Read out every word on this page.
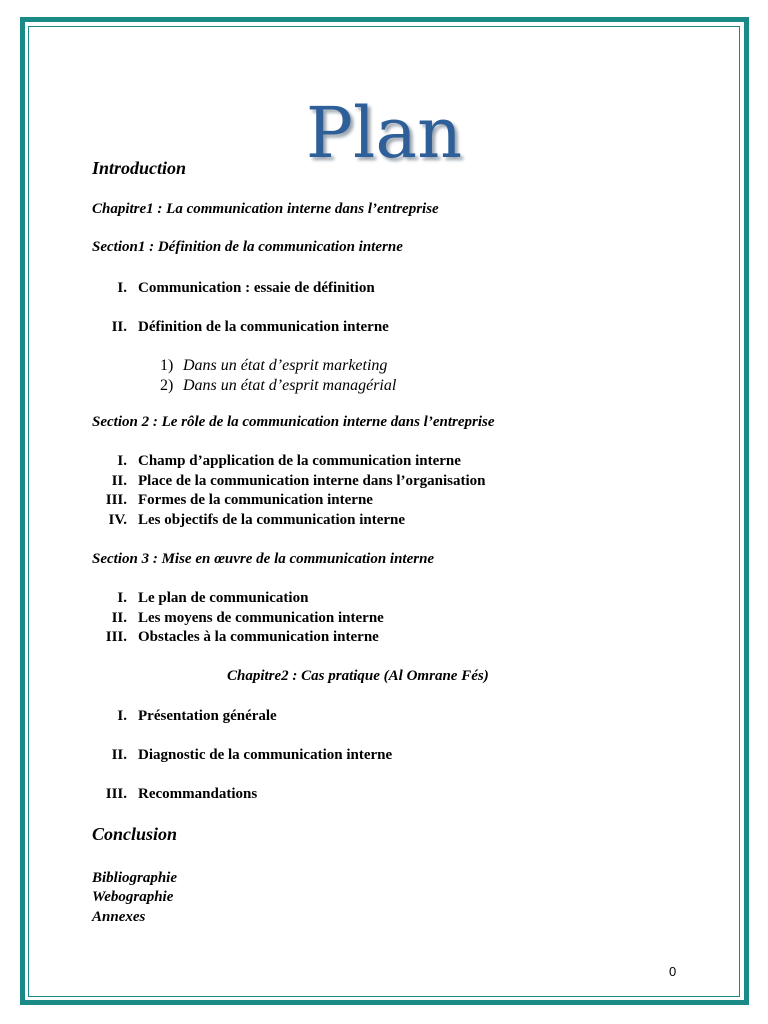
Plan
Introduction
Chapitre1 : La communication interne dans l’entreprise
Section1 : Définition de la communication interne
I. Communication : essaie de définition
II. Définition de la communication interne
1) Dans un état d’esprit marketing
2) Dans un état d’esprit managérial
Section 2 : Le rôle de la communication interne dans l’entreprise
I. Champ d’application de la communication interne
II. Place de la communication interne dans l’organisation
III. Formes de la communication interne
IV. Les objectifs de la communication interne
Section 3 : Mise en œuvre de la communication interne
I. Le plan de communication
II. Les moyens de communication interne
III. Obstacles à la communication interne
Chapitre2 : Cas pratique (Al Omrane Fés)
I. Présentation générale
II. Diagnostic de la communication interne
III. Recommandations
Conclusion
Bibliographie
Webographie
Annexes
0
